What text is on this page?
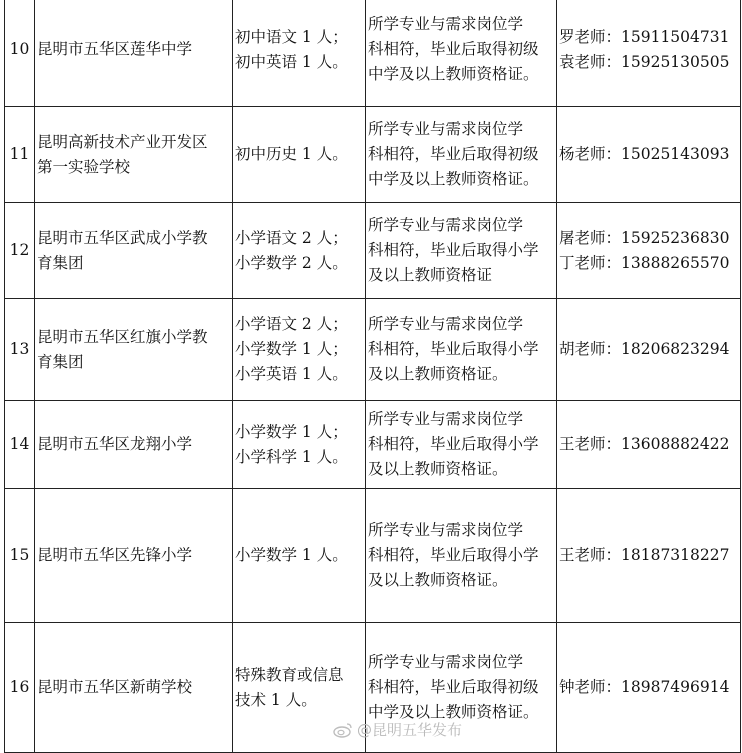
10	昆明市五华区莲华中学	初中语文 1 人；
初中英语 1 人。	所学专业与需求岗位学
科相符，毕业后取得初级
中学及以上教师资格证。	罗老师：15911504731
袁老师：15925130505

11	昆明高新技术产业开发区
第一实验学校	初中历史 1 人。	所学专业与需求岗位学
科相符，毕业后取得初级
中学及以上教师资格证。	杨老师：15025143093

12	昆明市五华区武成小学教
育集团	小学语文 2 人；
小学数学 2 人。	所学专业与需求岗位学
科相符，毕业后取得小学
及以上教师资格证	屠老师：15925236830
丁老师：13888265570

13	昆明市五华区红旗小学教
育集团	小学语文 2 人；
小学数学 1 人；
小学英语 1 人。	所学专业与需求岗位学
科相符，毕业后取得小学
及以上教师资格证。	胡老师：18206823294

14	昆明市五华区龙翔小学	小学数学 1 人；
小学科学 1 人。	所学专业与需求岗位学
科相符，毕业后取得小学
及以上教师资格证。	王老师：13608882422

15	昆明市五华区先锋小学	小学数学 1 人。	所学专业与需求岗位学
科相符，毕业后取得小学
及以上教师资格证。	王老师：18187318227

16	昆明市五华区新萌学校	特殊教育或信息
技术 1 人。	所学专业与需求岗位学
科相符，毕业后取得初级
中学及以上教师资格证。	钟老师：18987496914
@昆明五华发布
